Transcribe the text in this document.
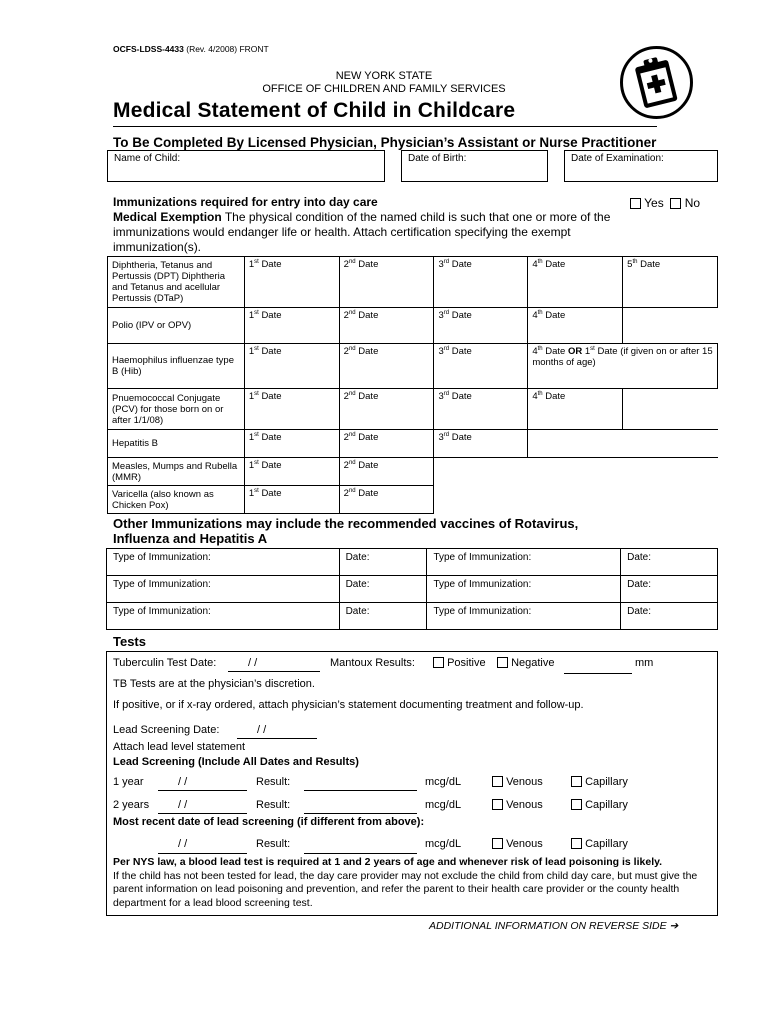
OCFS-LDSS-4433 (Rev. 4/2008) FRONT
NEW YORK STATE
OFFICE OF CHILDREN AND FAMILY SERVICES
Medical Statement of Child in Childcare
To Be Completed By Licensed Physician, Physician’s Assistant or Nurse Practitioner
Name of Child:	Date of Birth:	Date of Examination:
Immunizations required for entry into day care	Yes No
Medical Exemption The physical condition of the named child is such that one or more of the immunizations would endanger life or health. Attach certification specifying the exempt immunization(s).
Diphtheria, Tetanus and Pertussis (DPT) Diphtheria and Tetanus and acellular Pertussis (DTaP)	1st Date	2nd Date	3rd Date	4th Date	5th Date
Polio (IPV or OPV)	1st Date	2nd Date	3rd Date	4th Date	
Haemophilus influenzae type B (Hib)	1st Date	2nd Date	3rd Date	4th Date OR 1st Date (if given on or after 15 months of age)	
Pnuemococcal Conjugate (PCV) for those born on or after 1/1/08)	1st Date	2nd Date	3rd Date	4th Date	
Hepatitis B	1st Date	2nd Date	3rd Date		
Measles, Mumps and Rubella (MMR)	1st Date	2nd Date			
Varicella (also known as Chicken Pox)	1st Date	2nd Date			
Other Immunizations may include the recommended vaccines of Rotavirus,
Influenza and Hepatitis A
Type of Immunization:	Date:	Type of Immunization:	Date:
Type of Immunization:	Date:	Type of Immunization:	Date:
Type of Immunization:	Date:	Type of Immunization:	Date:
Tests
Tuberculin Test Date:	/ /	Mantoux Results:	Positive	Negative	mm
TB Tests are at the physician’s discretion.
If positive, or if x-ray ordered, attach physician’s statement documenting treatment and follow-up.
Lead Screening Date:	/ /
Attach lead level statement
Lead Screening (Include All Dates and Results)
1 year	/ /	Result:	mcg/dL	Venous	Capillary
2 years	/ /	Result:	mcg/dL	Venous	Capillary
Most recent date of lead screening (if different from above):
/ /	Result:	mcg/dL	Venous	Capillary
Per NYS law, a blood lead test is required at 1 and 2 years of age and whenever risk of lead poisoning is likely.
If the child has not been tested for lead, the day care provider may not exclude the child from child day care, but must give the parent information on lead poisoning and prevention, and refer the parent to their health care provider or the county health department for a lead blood screening test.
ADDITIONAL INFORMATION ON REVERSE SIDE ➔
